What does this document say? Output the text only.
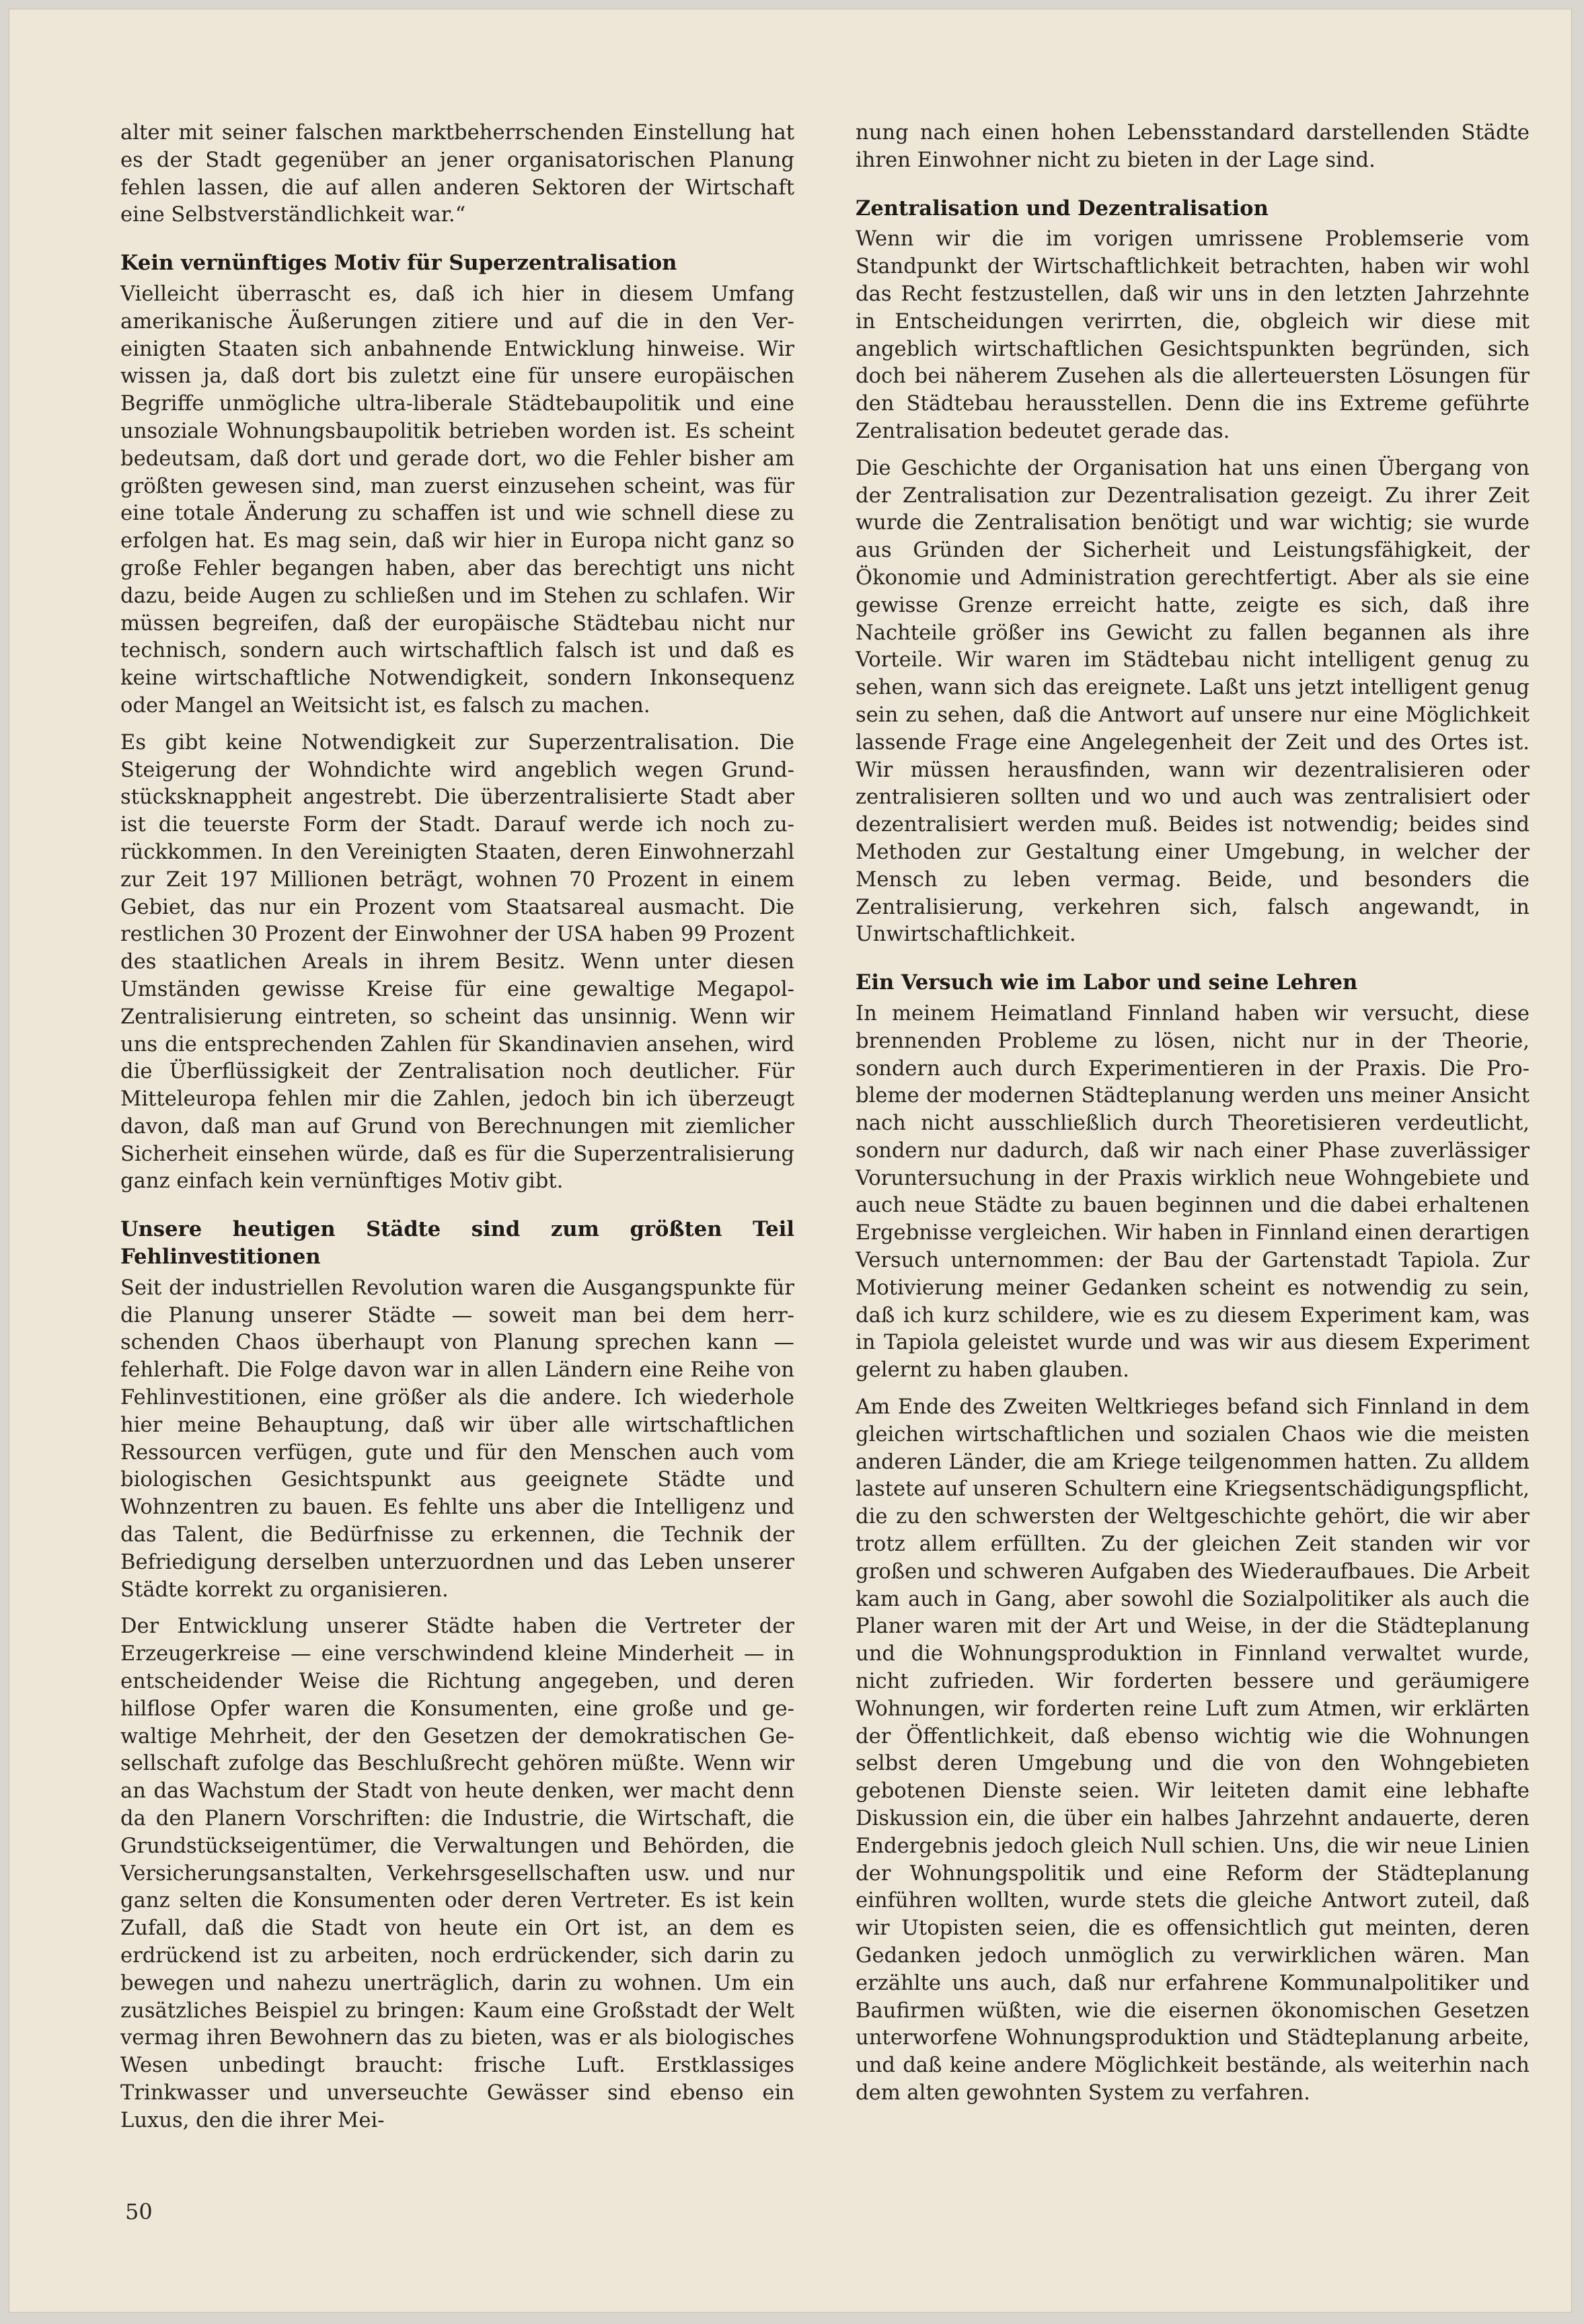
alter mit seiner falschen marktbeherrschenden Einstellung hat es der Stadt gegenüber an jener organisatorischen Planung fehlen lassen, die auf allen anderen Sektoren der Wirtschaft eine Selbstverständlichkeit war.“

Kein vernünftiges Motiv für Superzentralisation

Vielleicht überrascht es, daß ich hier in diesem Umfang amerikanische Äußerungen zitiere und auf die in den Vereinigten Staaten sich anbahnende Entwicklung hinweise. Wir wissen ja, daß dort bis zuletzt eine für unsere europäischen Begriffe unmögliche ultra-liberale Städtebaupolitik und eine unsoziale Wohnungsbaupolitik betrieben worden ist. Es scheint bedeutsam, daß dort und gerade dort, wo die Fehler bisher am größten gewesen sind, man zuerst einzusehen scheint, was für eine totale Änderung zu schaffen ist und wie schnell diese zu erfolgen hat. Es mag sein, daß wir hier in Europa nicht ganz so große Fehler begangen haben, aber das berechtigt uns nicht dazu, beide Augen zu schließen und im Stehen zu schlafen. Wir müssen begreifen, daß der europäische Städtebau nicht nur technisch, sondern auch wirtschaftlich falsch ist und daß es keine wirtschaftliche Notwendigkeit, sondern Inkonsequenz oder Mangel an Weitsicht ist, es falsch zu machen.

Es gibt keine Notwendigkeit zur Superzentralisation. Die Steigerung der Wohndichte wird angeblich wegen Grundstücksknappheit angestrebt. Die überzentralisierte Stadt aber ist die teuerste Form der Stadt. Darauf werde ich noch zurückkommen. In den Vereinigten Staaten, deren Einwohnerzahl zur Zeit 197 Millionen beträgt, wohnen 70 Prozent in einem Gebiet, das nur ein Prozent vom Staatsareal ausmacht. Die restlichen 30 Prozent der Einwohner der USA haben 99 Prozent des staatlichen Areals in ihrem Besitz. Wenn unter diesen Umständen gewisse Kreise für eine gewaltige Megapol-Zentralisierung eintreten, so scheint das unsinnig. Wenn wir uns die entsprechenden Zahlen für Skandinavien ansehen, wird die Überflüssigkeit der Zentralisation noch deutlicher. Für Mitteleuropa fehlen mir die Zahlen, jedoch bin ich überzeugt davon, daß man auf Grund von Berechnungen mit ziemlicher Sicherheit einsehen würde, daß es für die Superzentralisierung ganz einfach kein vernünftiges Motiv gibt.

Unsere heutigen Städte sind zum größten Teil Fehlinvestitionen

Seit der industriellen Revolution waren die Ausgangspunkte für die Planung unserer Städte — soweit man bei dem herrschenden Chaos überhaupt von Planung sprechen kann — fehlerhaft. Die Folge davon war in allen Ländern eine Reihe von Fehlinvestitionen, eine größer als die andere. Ich wiederhole hier meine Behauptung, daß wir über alle wirtschaftlichen Ressourcen verfügen, gute und für den Menschen auch vom biologischen Gesichtspunkt aus geeignete Städte und Wohnzentren zu bauen. Es fehlte uns aber die Intelligenz und das Talent, die Bedürfnisse zu erkennen, die Technik der Befriedigung derselben unterzuordnen und das Leben unserer Städte korrekt zu organisieren.

Der Entwicklung unserer Städte haben die Vertreter der Erzeugerkreise — eine verschwindend kleine Minderheit — in entscheidender Weise die Richtung angegeben, und deren hilflose Opfer waren die Konsumenten, eine große und gewaltige Mehrheit, der den Gesetzen der demokratischen Gesellschaft zufolge das Beschlußrecht gehören müßte. Wenn wir an das Wachstum der Stadt von heute denken, wer macht denn da den Planern Vorschriften: die Industrie, die Wirtschaft, die Grundstückseigentümer, die Verwaltungen und Behörden, die Versicherungsanstalten, Verkehrsgesellschaften usw. und nur ganz selten die Konsumenten oder deren Vertreter. Es ist kein Zufall, daß die Stadt von heute ein Ort ist, an dem es erdrückend ist zu arbeiten, noch erdrückender, sich darin zu bewegen und nahezu unerträglich, darin zu wohnen. Um ein zusätzliches Beispiel zu bringen: Kaum eine Großstadt der Welt vermag ihren Bewohnern das zu bieten, was er als biologisches Wesen unbedingt braucht: frische Luft. Erstklassiges Trinkwasser und unverseuchte Gewässer sind ebenso ein Luxus, den die ihrer Mei-

nung nach einen hohen Lebensstandard darstellenden Städte ihren Einwohner nicht zu bieten in der Lage sind.

Zentralisation und Dezentralisation

Wenn wir die im vorigen umrissene Problemserie vom Standpunkt der Wirtschaftlichkeit betrachten, haben wir wohl das Recht festzustellen, daß wir uns in den letzten Jahrzehnte in Entscheidungen verirrten, die, obgleich wir diese mit angeblich wirtschaftlichen Gesichtspunkten begründen, sich doch bei näherem Zusehen als die allerteuersten Lösungen für den Städtebau herausstellen. Denn die ins Extreme geführte Zentralisation bedeutet gerade das.

Die Geschichte der Organisation hat uns einen Übergang von der Zentralisation zur Dezentralisation gezeigt. Zu ihrer Zeit wurde die Zentralisation benötigt und war wichtig; sie wurde aus Gründen der Sicherheit und Leistungsfähigkeit, der Ökonomie und Administration gerechtfertigt. Aber als sie eine gewisse Grenze erreicht hatte, zeigte es sich, daß ihre Nachteile größer ins Gewicht zu fallen begannen als ihre Vorteile. Wir waren im Städtebau nicht intelligent genug zu sehen, wann sich das ereignete. Laßt uns jetzt intelligent genug sein zu sehen, daß die Antwort auf unsere nur eine Möglichkeit lassende Frage eine Angelegenheit der Zeit und des Ortes ist. Wir müssen herausfinden, wann wir dezentralisieren oder zentralisieren sollten und wo und auch was zentralisiert oder dezentralisiert werden muß. Beides ist notwendig; beides sind Methoden zur Gestaltung einer Umgebung, in welcher der Mensch zu leben vermag. Beide, und besonders die Zentralisierung, verkehren sich, falsch angewandt, in Unwirtschaftlichkeit.

Ein Versuch wie im Labor und seine Lehren

In meinem Heimatland Finnland haben wir versucht, diese brennenden Probleme zu lösen, nicht nur in der Theorie, sondern auch durch Experimentieren in der Praxis. Die Probleme der modernen Städteplanung werden uns meiner Ansicht nach nicht ausschließlich durch Theoretisieren verdeutlicht, sondern nur dadurch, daß wir nach einer Phase zuverlässiger Voruntersuchung in der Praxis wirklich neue Wohngebiete und auch neue Städte zu bauen beginnen und die dabei erhaltenen Ergebnisse vergleichen. Wir haben in Finnland einen derartigen Versuch unternommen: der Bau der Gartenstadt Tapiola. Zur Motivierung meiner Gedanken scheint es notwendig zu sein, daß ich kurz schildere, wie es zu diesem Experiment kam, was in Tapiola geleistet wurde und was wir aus diesem Experiment gelernt zu haben glauben.

Am Ende des Zweiten Weltkrieges befand sich Finnland in dem gleichen wirtschaftlichen und sozialen Chaos wie die meisten anderen Länder, die am Kriege teilgenommen hatten. Zu alldem lastete auf unseren Schultern eine Kriegsentschädigungspflicht, die zu den schwersten der Weltgeschichte gehört, die wir aber trotz allem erfüllten. Zu der gleichen Zeit standen wir vor großen und schweren Aufgaben des Wiederaufbaues. Die Arbeit kam auch in Gang, aber sowohl die Sozialpolitiker als auch die Planer waren mit der Art und Weise, in der die Städteplanung und die Wohnungsproduktion in Finnland verwaltet wurde, nicht zufrieden. Wir forderten bessere und geräumigere Wohnungen, wir forderten reine Luft zum Atmen, wir erklärten der Öffentlichkeit, daß ebenso wichtig wie die Wohnungen selbst deren Umgebung und die von den Wohngebieten gebotenen Dienste seien. Wir leiteten damit eine lebhafte Diskussion ein, die über ein halbes Jahrzehnt andauerte, deren Endergebnis jedoch gleich Null schien. Uns, die wir neue Linien der Wohnungspolitik und eine Reform der Städteplanung einführen wollten, wurde stets die gleiche Antwort zuteil, daß wir Utopisten seien, die es offensichtlich gut meinten, deren Gedanken jedoch unmöglich zu verwirklichen wären. Man erzählte uns auch, daß nur erfahrene Kommunalpolitiker und Baufirmen wüßten, wie die eisernen ökonomischen Gesetzen unterworfene Wohnungsproduktion und Städteplanung arbeite, und daß keine andere Möglichkeit bestände, als weiterhin nach dem alten gewohnten System zu verfahren.

50
